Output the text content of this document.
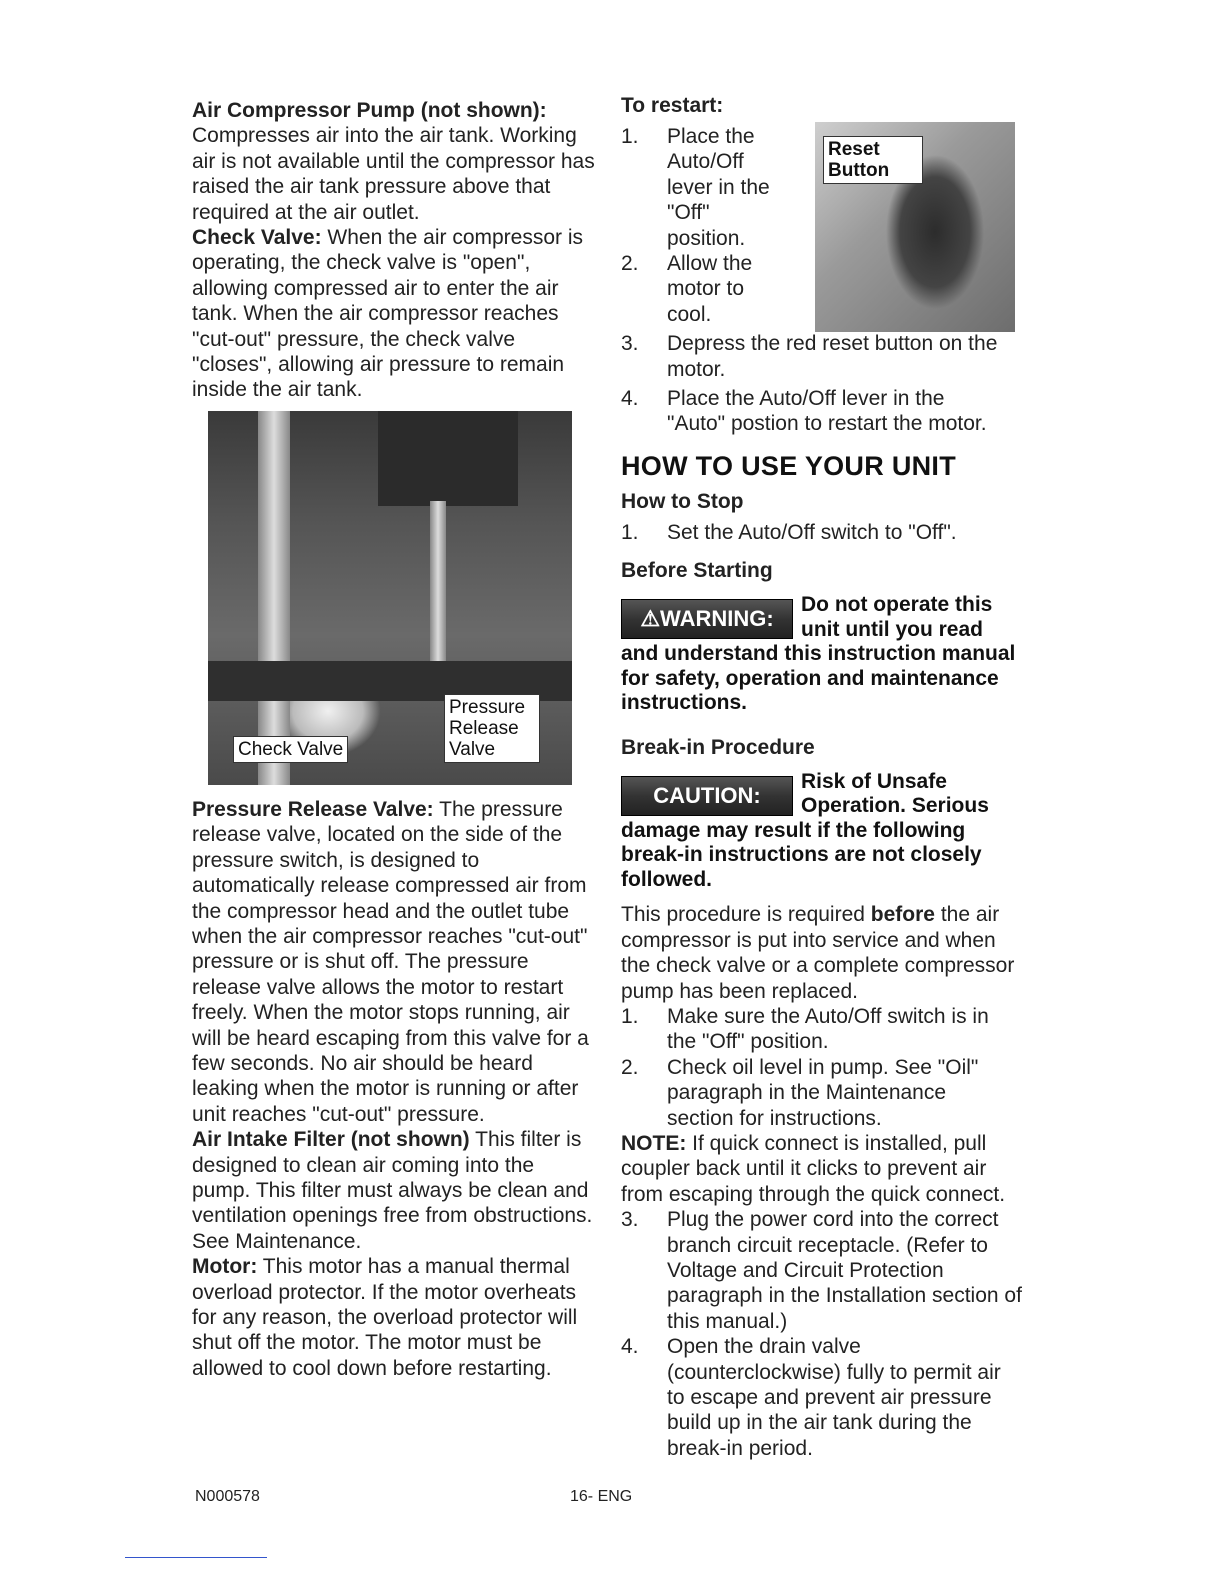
Air Compressor Pump (not shown): Compresses air into the air tank. Working air is not available until the compressor has raised the air tank pressure above that required at the air outlet.

Check Valve: When the air compressor is operating, the check valve is "open", allowing compressed air to enter the air tank. When the air compressor reaches "cut-out" pressure, the check valve "closes", allowing air pressure to remain inside the air tank.

Check Valve
Pressure Release Valve

Pressure Release Valve: The pressure release valve, located on the side of the pressure switch, is designed to automatically release compressed air from the compressor head and the outlet tube when the air compressor reaches "cut-out" pressure or is shut off. The pressure release valve allows the motor to restart freely. When the motor stops running, air will be heard escaping from this valve for a few seconds. No air should be heard leaking when the motor is running or after unit reaches "cut-out" pressure.

Air Intake Filter (not shown) This filter is designed to clean air coming into the pump. This filter must always be clean and ventilation openings free from obstructions. See Maintenance.

Motor: This motor has a manual thermal overload protector. If the motor overheats for any reason, the overload protector will shut off the motor. The motor must be allowed to cool down before restarting.

To restart:
Reset Button
1. Place the Auto/Off lever in the "Off" position.
2. Allow the motor to cool.
3. Depress the red reset button on the motor.
4. Place the Auto/Off lever in the "Auto" postion to restart the motor.
HOW TO USE YOUR UNIT
How to Stop
1. Set the Auto/Off switch to "Off".
Before Starting
⚠WARNING:
Do not operate this unit until you read and understand this instruction manual for safety, operation and maintenance instructions.
Break-in Procedure
CAUTION:
Risk of Unsafe Operation. Serious damage may result if the following break-in instructions are not closely followed.

This procedure is required before the air compressor is put into service and when the check valve or a complete compressor pump has been replaced.

1. Make sure the Auto/Off switch is in the "Off" position.
2. Check oil level in pump. See "Oil" paragraph in the Maintenance section for instructions.

NOTE: If quick connect is installed, pull coupler back until it clicks to prevent air from escaping through the quick connect.

3. Plug the power cord into the correct branch circuit receptacle. (Refer to Voltage and Circuit Protection paragraph in the Installation section of this manual.)
4. Open the drain valve (counterclockwise) fully to permit air to escape and prevent air pressure build up in the air tank during the break-in period.
N000578	16- ENG
